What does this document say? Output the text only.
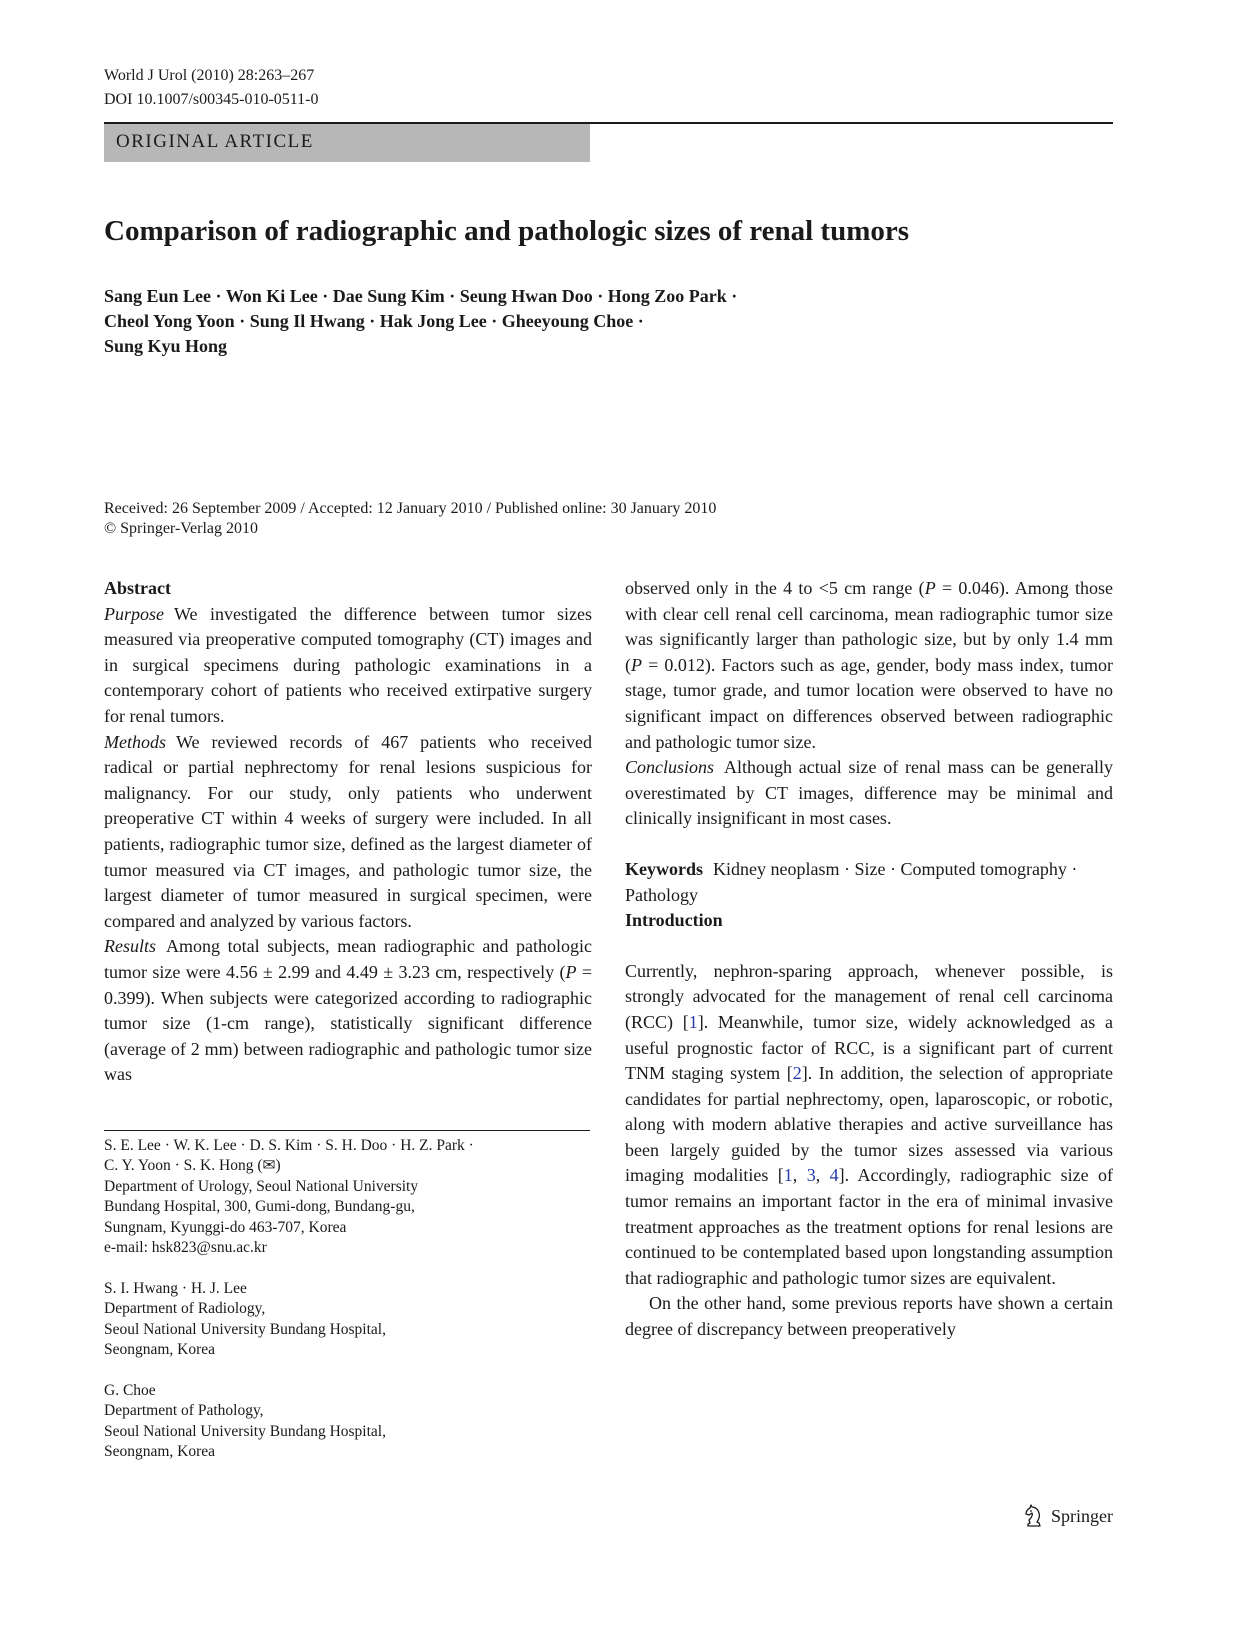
World J Urol (2010) 28:263–267
DOI 10.1007/s00345-010-0511-0
ORIGINAL ARTICLE
Comparison of radiographic and pathologic sizes of renal tumors
Sang Eun Lee · Won Ki Lee · Dae Sung Kim · Seung Hwan Doo · Hong Zoo Park ·
Cheol Yong Yoon · Sung Il Hwang · Hak Jong Lee · Gheeyoung Choe ·
Sung Kyu Hong
Received: 26 September 2009 / Accepted: 12 January 2010 / Published online: 30 January 2010
© Springer-Verlag 2010

Abstract

Purpose We investigated the difference between tumor sizes measured via preoperative computed tomography (CT) images and in surgical specimens during pathologic examinations in a contemporary cohort of patients who received extirpative surgery for renal tumors.

Methods We reviewed records of 467 patients who received radical or partial nephrectomy for renal lesions suspicious for malignancy. For our study, only patients who underwent preoperative CT within 4 weeks of surgery were included. In all patients, radiographic tumor size, defined as the largest diameter of tumor measured via CT images, and pathologic tumor size, the largest diameter of tumor measured in surgical specimen, were compared and analyzed by various factors.

Results Among total subjects, mean radiographic and pathologic tumor size were 4.56 ± 2.99 and 4.49 ± 3.23 cm, respectively (P = 0.399). When subjects were categorized according to radiographic tumor size (1-cm range), statistically significant difference (average of 2 mm) between radiographic and pathologic tumor size was

S. E. Lee · W. K. Lee · D. S. Kim · S. H. Doo · H. Z. Park ·
C. Y. Yoon · S. K. Hong (✉)
Department of Urology, Seoul National University
Bundang Hospital, 300, Gumi-dong, Bundang-gu,
Sungnam, Kyunggi-do 463-707, Korea
e-mail: hsk823@snu.ac.kr
S. I. Hwang · H. J. Lee
Department of Radiology,
Seoul National University Bundang Hospital,
Seongnam, Korea
G. Choe
Department of Pathology,
Seoul National University Bundang Hospital,
Seongnam, Korea

observed only in the 4 to <5 cm range (P = 0.046). Among those with clear cell renal cell carcinoma, mean radiographic tumor size was significantly larger than pathologic size, but by only 1.4 mm (P = 0.012). Factors such as age, gender, body mass index, tumor stage, tumor grade, and tumor location were observed to have no significant impact on differences observed between radiographic and pathologic tumor size.

Conclusions Although actual size of renal mass can be generally overestimated by CT images, difference may be minimal and clinically insignificant in most cases.

Keywords Kidney neoplasm · Size · Computed tomography · Pathology

Introduction

Currently, nephron-sparing approach, whenever possible, is strongly advocated for the management of renal cell carcinoma (RCC) [1]. Meanwhile, tumor size, widely acknowledged as a useful prognostic factor of RCC, is a significant part of current TNM staging system [2]. In addition, the selection of appropriate candidates for partial nephrectomy, open, laparoscopic, or robotic, along with modern ablative therapies and active surveillance has been largely guided by the tumor sizes assessed via various imaging modalities [1, 3, 4]. Accordingly, radiographic size of tumor remains an important factor in the era of minimal invasive treatment approaches as the treatment options for renal lesions are continued to be contemplated based upon longstanding assumption that radiographic and pathologic tumor sizes are equivalent.

On the other hand, some previous reports have shown a certain degree of discrepancy between preoperatively

Springer
